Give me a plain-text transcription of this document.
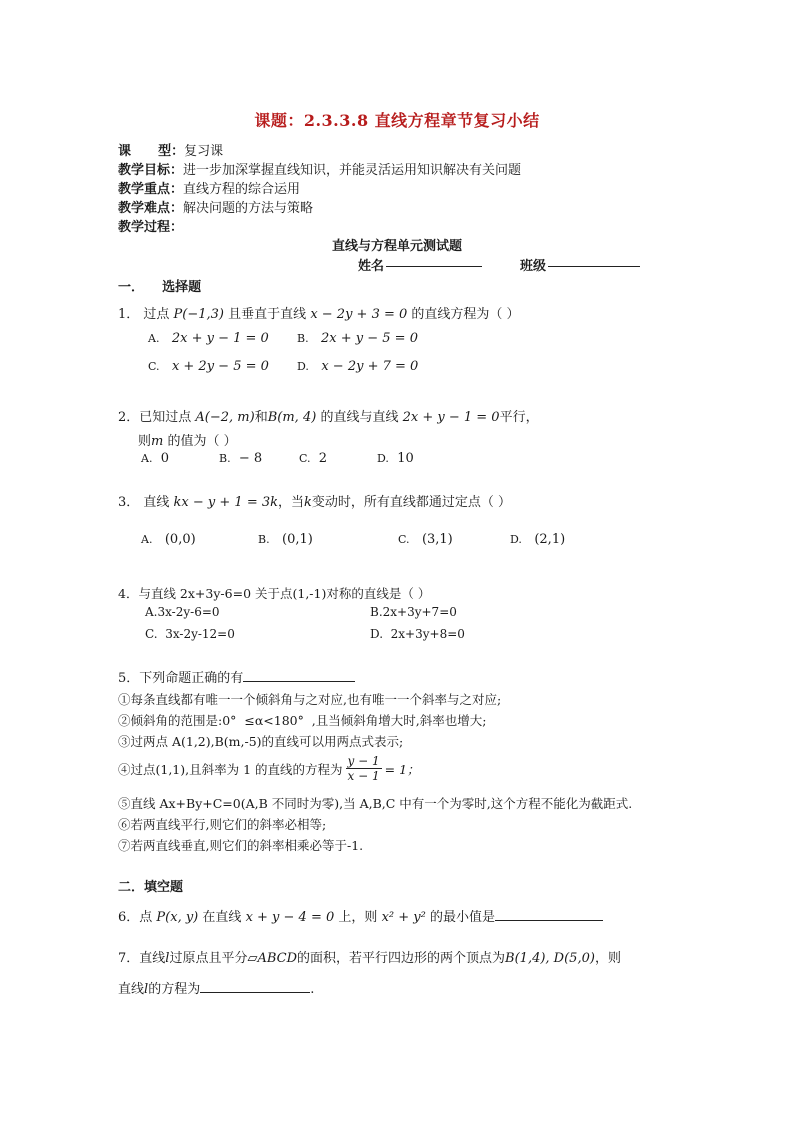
课题：2.3.3.8 直线方程章节复习小结
课      型：复习课
教学目标：进一步加深掌握直线知识，并能灵活运用知识解决有关问题
教学重点：直线方程的综合运用
教学难点：解决问题的方法与策略
教学过程：
直线与方程单元测试题
姓名	班级
一．    选择题
1． 过点 P(−1,3) 且垂直于直线 x − 2y + 3 = 0 的直线方程为（ ）
A. 2x + y − 1 = 0	B. 2x + y − 5 = 0
C. x + 2y − 5 = 0	D. x − 2y + 7 = 0
2．已知过点 A(−2, m)和B(m, 4) 的直线与直线 2x + y − 1 = 0平行，
则m 的值为（ ）
A. 0	B. − 8	C. 2	D. 10
3． 直线 kx − y + 1 = 3k，当k变动时，所有直线都通过定点（ ）
A. (0,0)	B. (0,1)	C. (3,1)	D. (2,1)
4．与直线 2x+3y-6=0 关于点(1,-1)对称的直线是（ ）
A.3x-2y-6=0	B.2x+3y+7=0
C.  3x-2y-12=0	D.  2x+3y+8=0
5．下列命题正确的有
①每条直线都有唯一一个倾斜角与之对应,也有唯一一个斜率与之对应;
②倾斜角的范围是:0°  ≤α<180°  ,且当倾斜角增大时,斜率也增大;
③过两点 A(1,2),B(m,-5)的直线可以用两点式表示;
④过点(1,1),且斜率为 1 的直线的方程为 $\frac{y - 1}{x - 1} = 1$；
⑤直线 Ax+By+C=0(A,B 不同时为零),当 A,B,C 中有一个为零时,这个方程不能化为截距式.
⑥若两直线平行,则它们的斜率必相等;
⑦若两直线垂直,则它们的斜率相乘必等于-1.
二．填空题
6．点 P(x, y) 在直线 x + y − 4 = 0 上，则 x² + y² 的最小值是
7．直线l过原点且平分▱ABCD的面积，若平行四边形的两个顶点为B(1,4), D(5,0)，则
直线l的方程为	.
